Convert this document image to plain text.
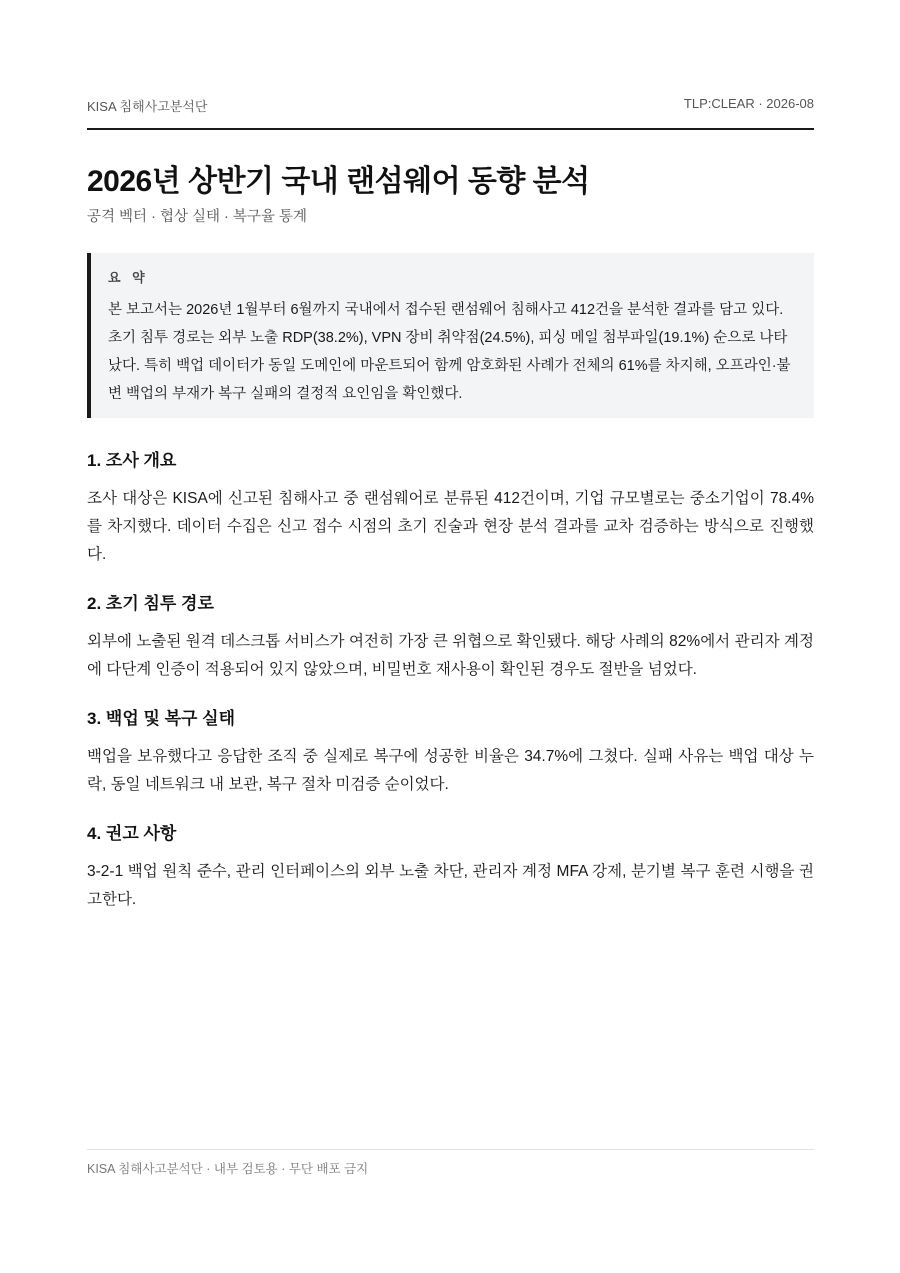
KISA 침해사고분석단	TLP:CLEAR · 2026-08
2026년 상반기 국내 랜섬웨어 동향 분석
공격 벡터 · 협상 실태 · 복구율 통계
요 약

본 보고서는 2026년 1월부터 6월까지 국내에서 접수된 랜섬웨어 침해사고 412건을 분석한 결과를 담고 있다. 초기 침투 경로는 외부 노출 RDP(38.2%), VPN 장비 취약점(24.5%), 피싱 메일 첨부파일(19.1%) 순으로 나타났다. 특히 백업 데이터가 동일 도메인에 마운트되어 함께 암호화된 사례가 전체의 61%를 차지해, 오프라인·불변 백업의 부재가 복구 실패의 결정적 요인임을 확인했다.

1. 조사 개요

조사 대상은 KISA에 신고된 침해사고 중 랜섬웨어로 분류된 412건이며, 기업 규모별로는 중소기업이 78.4%를 차지했다. 데이터 수집은 신고 접수 시점의 초기 진술과 현장 분석 결과를 교차 검증하는 방식으로 진행했다.

2. 초기 침투 경로

외부에 노출된 원격 데스크톱 서비스가 여전히 가장 큰 위협으로 확인됐다. 해당 사례의 82%에서 관리자 계정에 다단계 인증이 적용되어 있지 않았으며, 비밀번호 재사용이 확인된 경우도 절반을 넘었다.

3. 백업 및 복구 실태

백업을 보유했다고 응답한 조직 중 실제로 복구에 성공한 비율은 34.7%에 그쳤다. 실패 사유는 백업 대상 누락, 동일 네트워크 내 보관, 복구 절차 미검증 순이었다.

4. 권고 사항

3-2-1 백업 원칙 준수, 관리 인터페이스의 외부 노출 차단, 관리자 계정 MFA 강제, 분기별 복구 훈련 시행을 권고한다.

KISA 침해사고분석단 · 내부 검토용 · 무단 배포 금지
